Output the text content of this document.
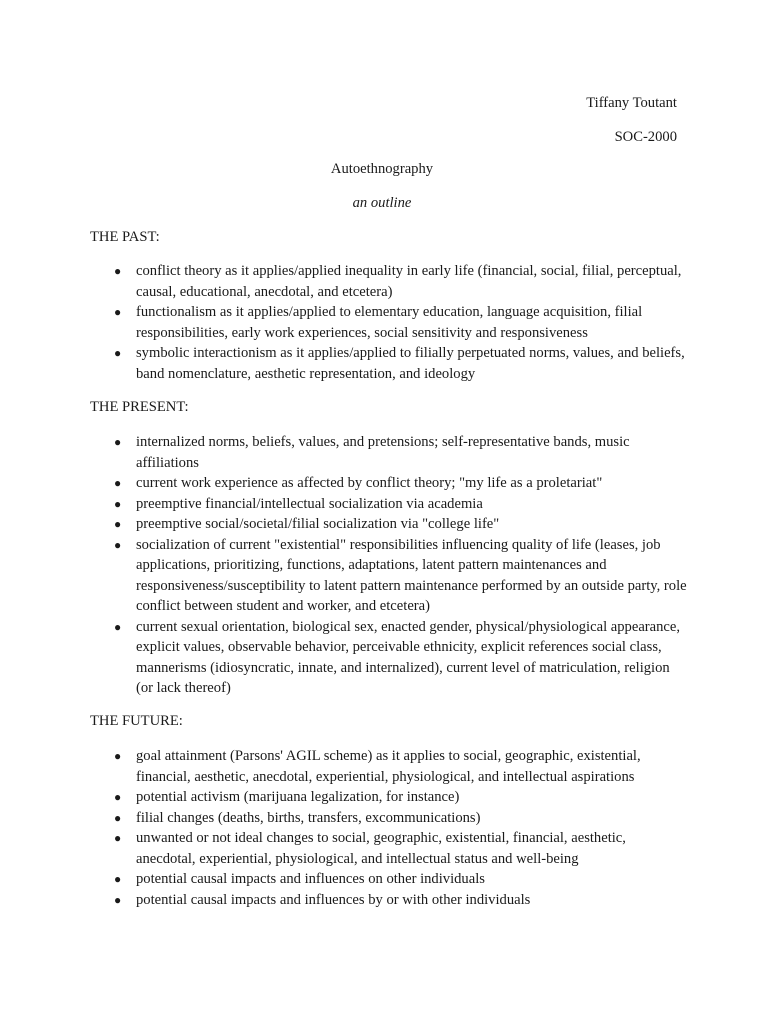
Tiffany Toutant
SOC-2000
Autoethnography
an outline
THE PAST:
● conflict theory as it applies/applied inequality in early life (financial, social, filial, perceptual, causal, educational, anecdotal, and etcetera)
● functionalism as it applies/applied to elementary education, language acquisition, filial responsibilities, early work experiences, social sensitivity and responsiveness
● symbolic interactionism as it applies/applied to filially perpetuated norms, values, and beliefs, band nomenclature, aesthetic representation, and ideology
THE PRESENT:
● internalized norms, beliefs, values, and pretensions; self-representative bands, music affiliations
● current work experience as affected by conflict theory; "my life as a proletariat"
● preemptive financial/intellectual socialization via academia
● preemptive social/societal/filial socialization via "college life"
● socialization of current "existential" responsibilities influencing quality of life (leases, job applications, prioritizing, functions, adaptations, latent pattern maintenances and responsiveness/susceptibility to latent pattern maintenance performed by an outside party, role conflict between student and worker, and etcetera)
● current sexual orientation, biological sex, enacted gender, physical/physiological appearance, explicit values, observable behavior, perceivable ethnicity, explicit references social class, mannerisms (idiosyncratic, innate, and internalized), current level of matriculation, religion (or lack thereof)
THE FUTURE:
● goal attainment (Parsons' AGIL scheme) as it applies to social, geographic, existential, financial, aesthetic, anecdotal, experiential, physiological, and intellectual aspirations
● potential activism (marijuana legalization, for instance)
● filial changes (deaths, births, transfers, excommunications)
● unwanted or not ideal changes to social, geographic, existential, financial, aesthetic, anecdotal, experiential, physiological, and intellectual status and well-being
● potential causal impacts and influences on other individuals
● potential causal impacts and influences by or with other individuals
